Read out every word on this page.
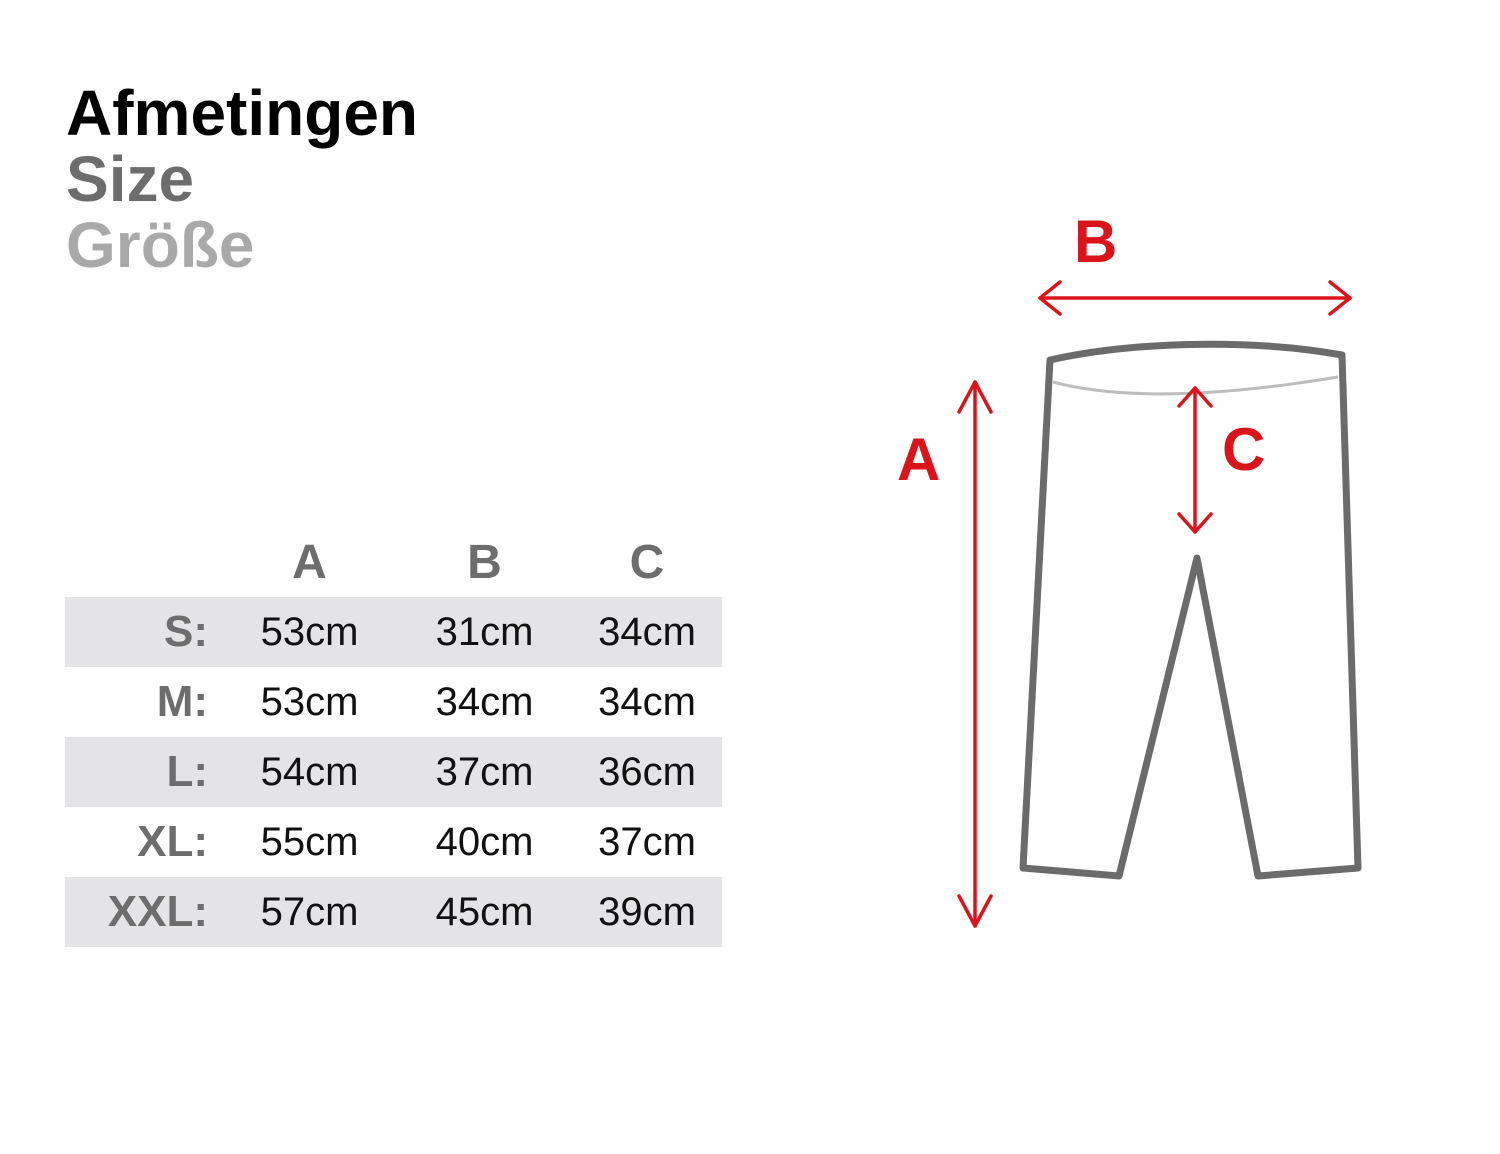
Afmetingen
Size
Größe
	A	B	C
S:	53cm	31cm	34cm
M:	53cm	34cm	34cm
L:	54cm	37cm	36cm
XL:	55cm	40cm	37cm
XXL:	57cm	45cm	39cm
B
A	C
